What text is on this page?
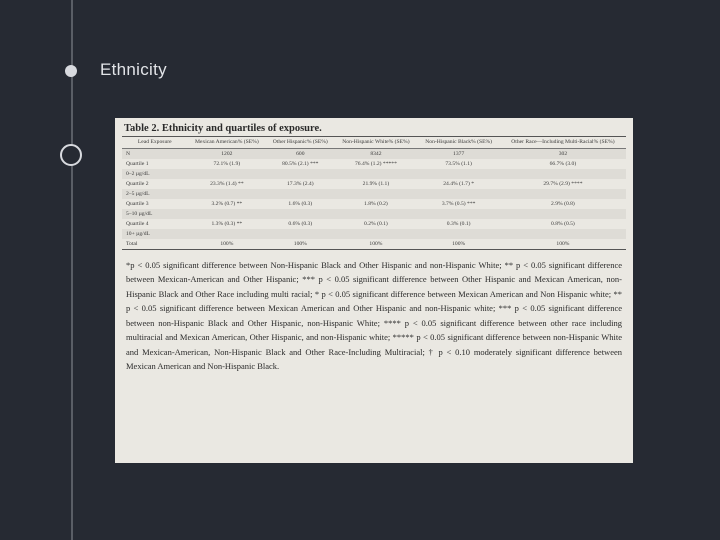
Ethnicity
Table 2. Ethnicity and quartiles of exposure.
Lead Exposure	Mexican American% (SE%)	Other Hispanic% (SE%)	Non-Hispanic White% (SE%)	Non-Hispanic Black% (SE%)	Other Race—Including Multi-Racial% (SE%)
N	1202	600	8342	1377	302
Quartile 1	72.1% (1.9)	80.5% (2.1) ***	76.4% (1.2) *****	73.5% (1.1)	66.7% (3.0)
0–2 µg/dL					
Quartile 2	23.3% (1.4) **	17.3% (2.4)	21.9% (1.1)	24.4% (1.7) *	29.7% (2.9) ****
2–5 µg/dL					
Quartile 3	3.2% (0.7) **	1.6% (0.3)	1.8% (0.2)	3.7% (0.5) ***	2.9% (0.8)
5–10 µg/dL					
Quartile 4	1.3% (0.3) **	0.6% (0.3)	0.2% (0.1)	0.3% (0.1)	0.8% (0.5)
10+ µg/dL					
Total	100%	100%	100%	100%	100%
*p < 0.05 significant difference between Non-Hispanic Black and Other Hispanic and non-Hispanic White; ** p < 0.05 significant difference between Mexican-American and Other Hispanic; *** p < 0.05 significant difference between Other Hispanic and Mexican American, non-Hispanic Black and Other Race including multi racial; * p < 0.05 significant difference between Mexican American and Non Hispanic white; ** p < 0.05 significant difference between Mexican American and Other Hispanic and non-Hispanic white; *** p < 0.05 significant difference between non-Hispanic Black and Other Hispanic, non-Hispanic White; **** p < 0.05 significant difference between other race including multiracial and Mexican American, Other Hispanic, and non-Hispanic white; ***** p < 0.05 significant difference between non-Hispanic White and Mexican-American, Non-Hispanic Black and Other Race-Including Multiracial; † p < 0.10 moderately significant difference between Mexican American and Non-Hispanic Black.
